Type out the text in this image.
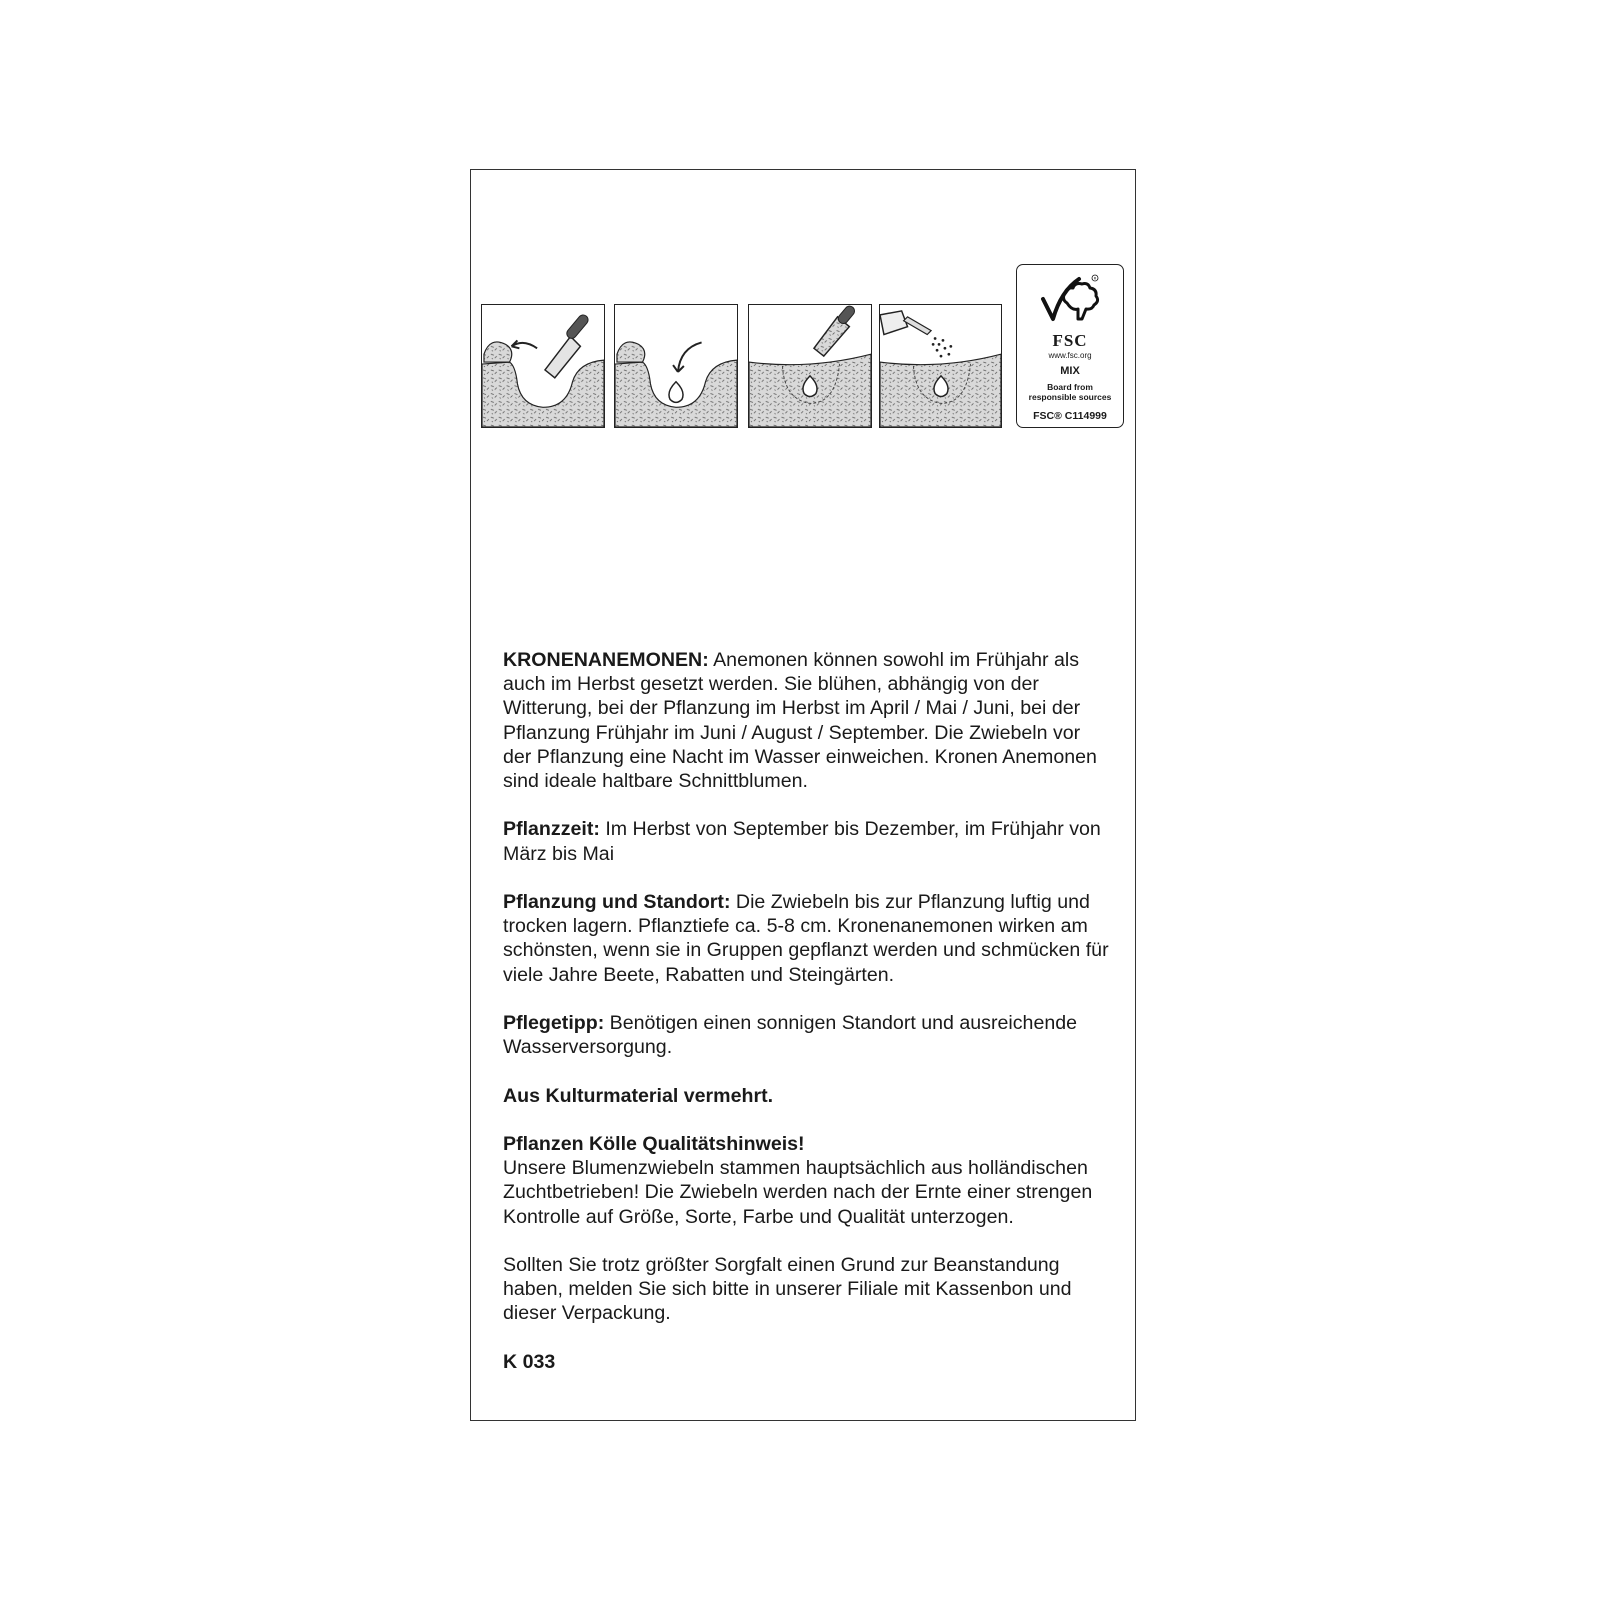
R
FSC
www.fsc.org
MIX
Board from
responsible sources
FSC® C114999

KRONENANEMONEN: Anemonen können sowohl im Frühjahr als auch im Herbst gesetzt werden. Sie blühen, abhängig von der Witterung, bei der Pflanzung im Herbst im April / Mai / Juni, bei der Pflanzung Frühjahr im Juni / August / September. Die Zwiebeln vor der Pflanzung eine Nacht im Wasser einweichen. Kronen Anemonen sind ideale haltbare Schnittblumen.

Pflanzzeit: Im Herbst von September bis Dezember, im Frühjahr von März bis Mai

Pflanzung und Standort: Die Zwiebeln bis zur Pflanzung luftig und trocken lagern. Pflanztiefe ca. 5-8 cm. Kronenanemonen wirken am schönsten, wenn sie in Gruppen gepflanzt werden und schmücken für viele Jahre Beete, Rabatten und Steingärten.

Pflegetipp: Benötigen einen sonnigen Standort und ausreichende Wasserversorgung.

Aus Kulturmaterial vermehrt.

Pflanzen Kölle Qualitätshinweis!
Unsere Blumenzwiebeln stammen hauptsächlich aus holländischen Zuchtbetrieben! Die Zwiebeln werden nach der Ernte einer strengen Kontrolle auf Größe, Sorte, Farbe und Qualität unterzogen.

Sollten Sie trotz größter Sorgfalt einen Grund zur Beanstandung haben, melden Sie sich bitte in unserer Filiale mit Kassenbon und dieser Verpackung.

K 033
